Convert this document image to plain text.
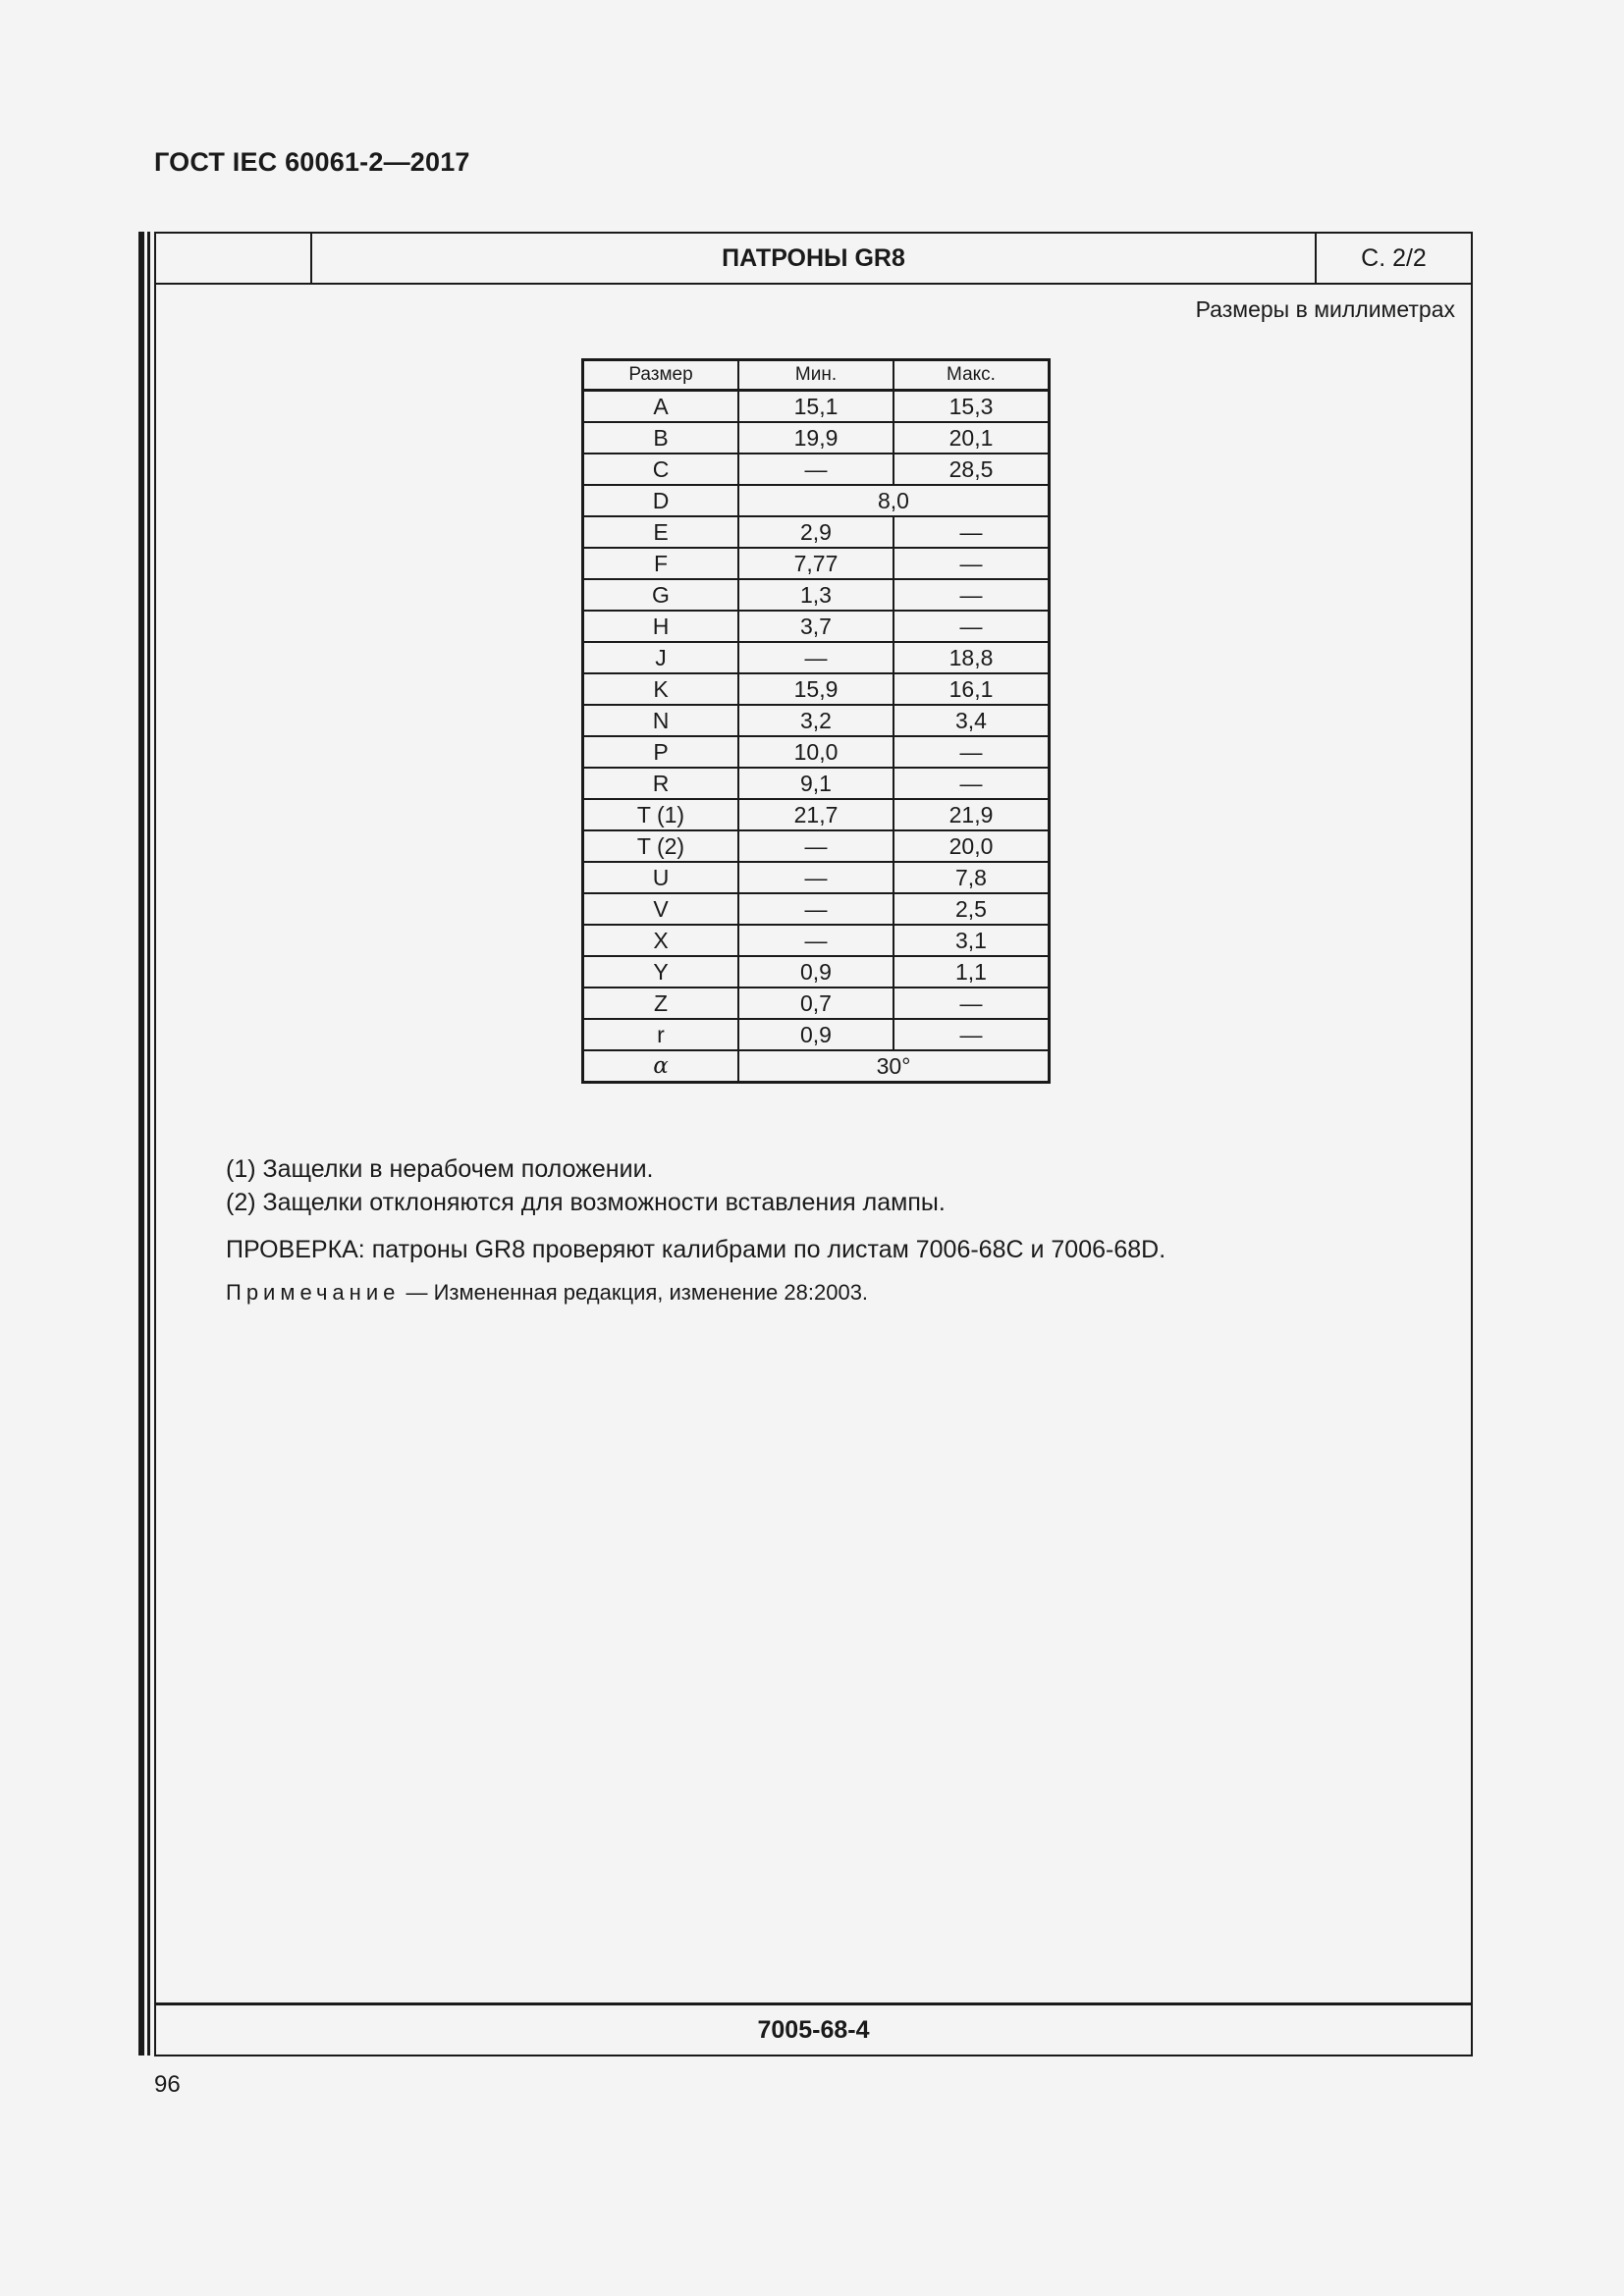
ГОСТ IEC 60061-2—2017
ПАТРОНЫ GR8	С. 2/2
Размеры в миллиметрах
Размер	Мин.	Макс.
A	15,1	15,3
B	19,9	20,1
C	—	28,5
D	8,0	
E	2,9	—
F	7,77	—
G	1,3	—
H	3,7	—
J	—	18,8
K	15,9	16,1
N	3,2	3,4
P	10,0	—
R	9,1	—
T (1)	21,7	21,9
T (2)	—	20,0
U	—	7,8
V	—	2,5
X	—	3,1
Y	0,9	1,1
Z	0,7	—
r	0,9	—
α	30°	
(1) Защелки в нерабочем положении.
(2) Защелки отклоняются для возможности вставления лампы.
ПРОВЕРКА: патроны GR8 проверяют калибрами по листам 7006-68C и 7006-68D.
Примечание — Измененная редакция, изменение 28:2003.
7005-68-4
96
